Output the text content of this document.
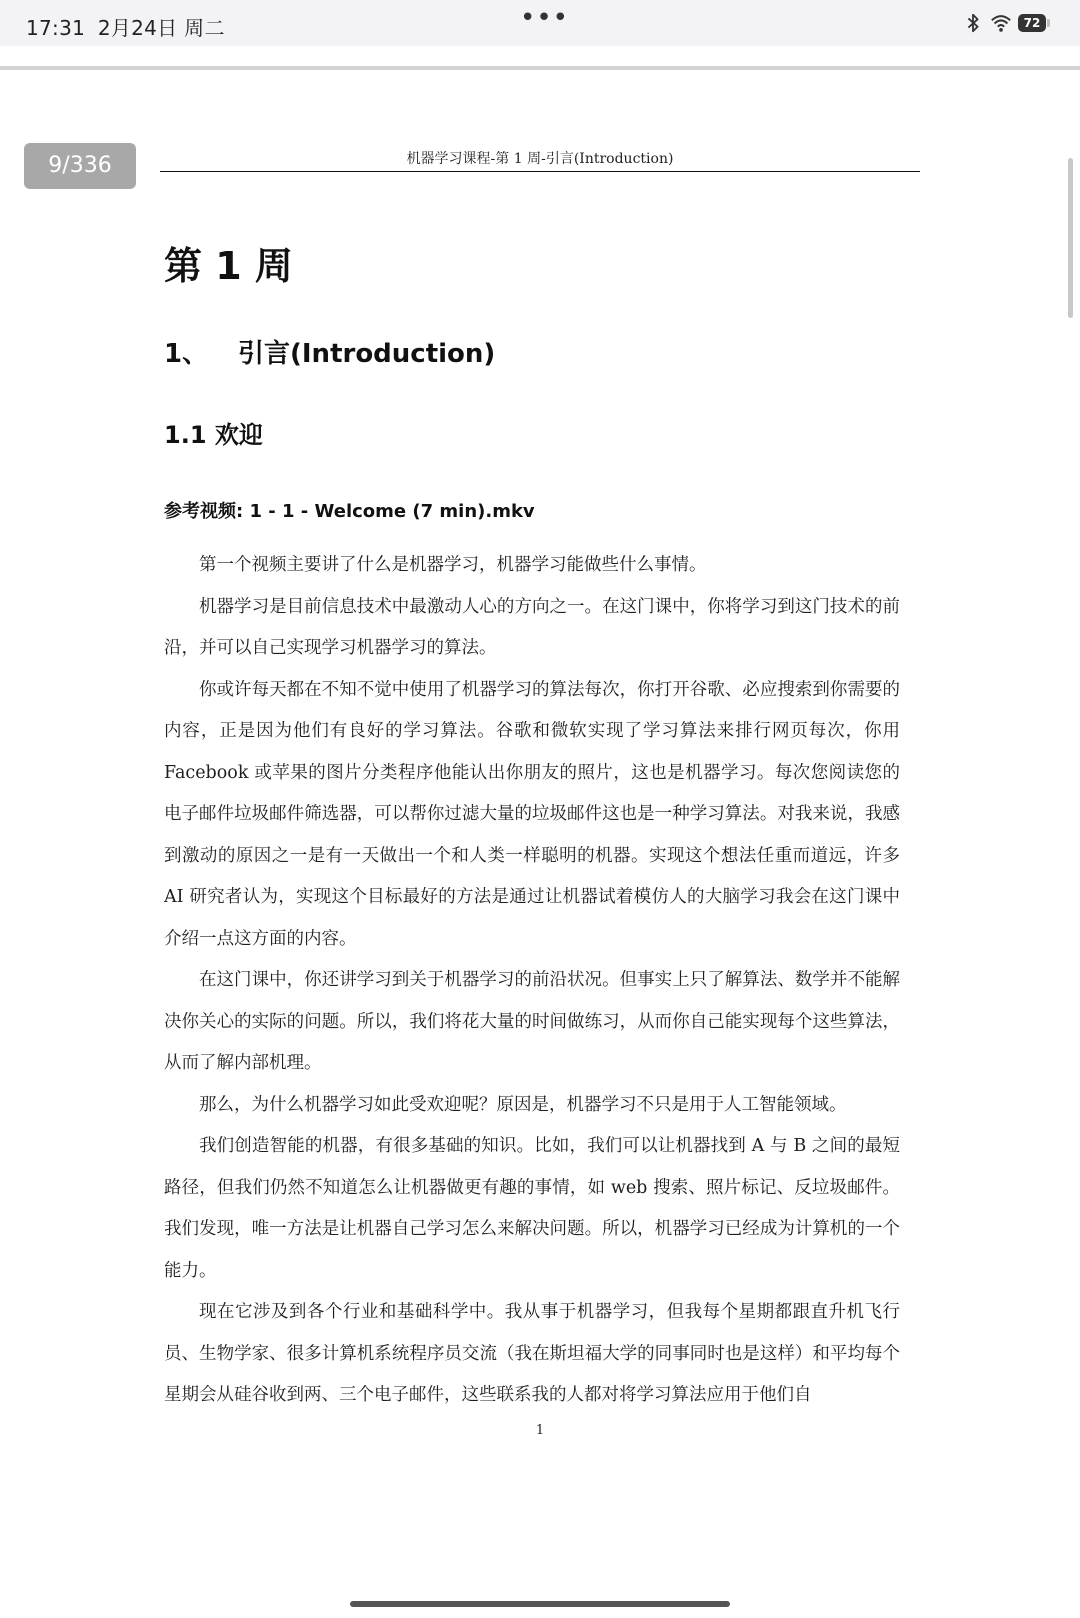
17:31 2月24日 周二	•••	72
9/336	机器学习课程-第 1 周-引言(Introduction)
第 1 周
1、 引言(Introduction)
1.1 欢迎
参考视频: 1 - 1 - Welcome (7 min).mkv

第一个视频主要讲了什么是机器学习，机器学习能做些什么事情。

机器学习是目前信息技术中最激动人心的方向之一。在这门课中，你将学习到这门技术的前沿，并可以自己实现学习机器学习的算法。

你或许每天都在不知不觉中使用了机器学习的算法每次，你打开谷歌、必应搜索到你需要的内容，正是因为他们有良好的学习算法。谷歌和微软实现了学习算法来排行网页每次，你用 Facebook 或苹果的图片分类程序他能认出你朋友的照片，这也是机器学习。每次您阅读您的电子邮件垃圾邮件筛选器，可以帮你过滤大量的垃圾邮件这也是一种学习算法。对我来说，我感到激动的原因之一是有一天做出一个和人类一样聪明的机器。实现这个想法任重而道远，许多 AI 研究者认为，实现这个目标最好的方法是通过让机器试着模仿人的大脑学习我会在这门课中介绍一点这方面的内容。

在这门课中，你还讲学习到关于机器学习的前沿状况。但事实上只了解算法、数学并不能解决你关心的实际的问题。所以，我们将花大量的时间做练习，从而你自己能实现每个这些算法，从而了解内部机理。

那么，为什么机器学习如此受欢迎呢？原因是，机器学习不只是用于人工智能领域。

我们创造智能的机器，有很多基础的知识。比如，我们可以让机器找到 A 与 B 之间的最短路径，但我们仍然不知道怎么让机器做更有趣的事情，如 web 搜索、照片标记、反垃圾邮件。我们发现，唯一方法是让机器自己学习怎么来解决问题。所以，机器学习已经成为计算机的一个能力。

现在它涉及到各个行业和基础科学中。我从事于机器学习，但我每个星期都跟直升机飞行员、生物学家、很多计算机系统程序员交流（我在斯坦福大学的同事同时也是这样）和平均每个星期会从硅谷收到两、三个电子邮件，这些联系我的人都对将学习算法应用于他们自

1
